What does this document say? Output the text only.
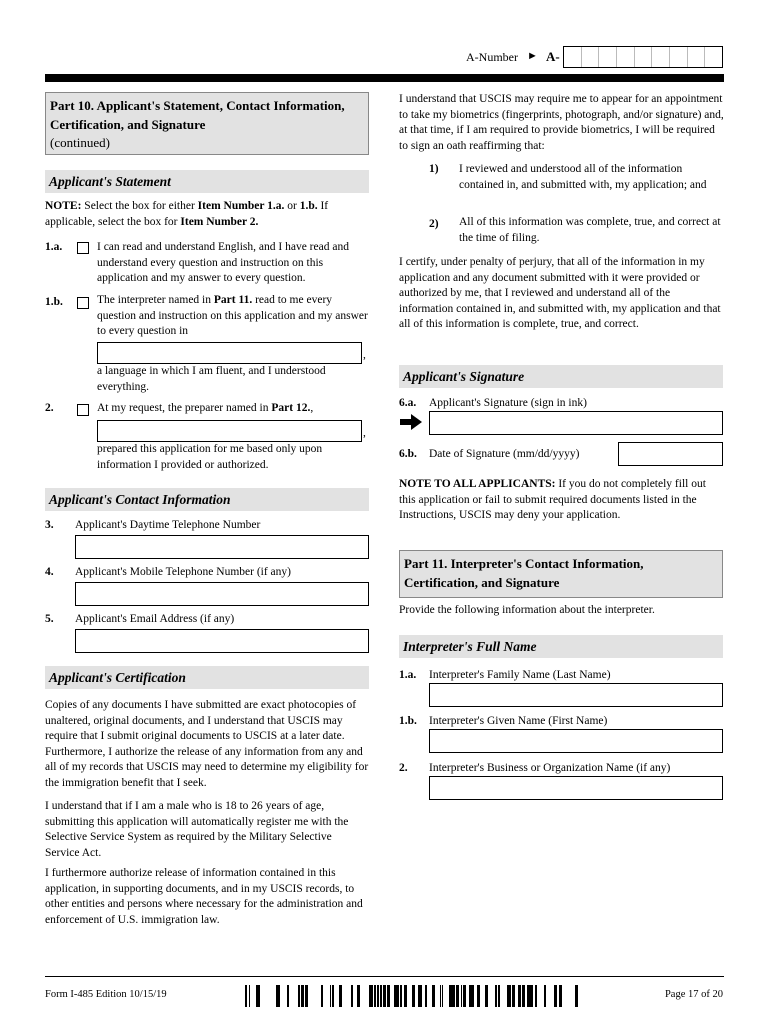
A-Number ► A-
Part 10. Applicant's Statement, Contact Information, Certification, and Signature
(continued)
Applicant's Statement
NOTE: Select the box for either Item Number 1.a. or 1.b. If applicable, select the box for Item Number 2.
1.a.	I can read and understand English, and I have read and understand every question and instruction on this application and my answer to every question.
1.b.	The interpreter named in Part 11. read to me every question and instruction on this application and my answer to every question in
,
a language in which I am fluent, and I understood everything.
2.	At my request, the preparer named in Part 12.,
,
prepared this application for me based only upon information I provided or authorized.
Applicant's Contact Information
3. Applicant's Daytime Telephone Number
4. Applicant's Mobile Telephone Number (if any)
5. Applicant's Email Address (if any)
Applicant's Certification
Copies of any documents I have submitted are exact photocopies of unaltered, original documents, and I understand that USCIS may require that I submit original documents to USCIS at a later date. Furthermore, I authorize the release of any information from any and all of my records that USCIS may need to determine my eligibility for the immigration benefit that I seek.
I understand that if I am a male who is 18 to 26 years of age, submitting this application will automatically register me with the Selective Service System as required by the Military Selective Service Act.
I furthermore authorize release of information contained in this application, in supporting documents, and in my USCIS records, to other entities and persons where necessary for the administration and enforcement of U.S. immigration law.
I understand that USCIS may require me to appear for an appointment to take my biometrics (fingerprints, photograph, and/or signature) and, at that time, if I am required to provide biometrics, I will be required to sign an oath reaffirming that:
1) I reviewed and understood all of the information contained in, and submitted with, my application; and
2) All of this information was complete, true, and correct at the time of filing.
I certify, under penalty of perjury, that all of the information in my application and any document submitted with it were provided or authorized by me, that I reviewed and understand all of the information contained in, and submitted with, my application and that all of this information is complete, true, and correct.
Applicant's Signature
6.a. Applicant's Signature (sign in ink)
6.b. Date of Signature (mm/dd/yyyy)
NOTE TO ALL APPLICANTS: If you do not completely fill out this application or fail to submit required documents listed in the Instructions, USCIS may deny your application.
Part 11. Interpreter's Contact Information, Certification, and Signature
Provide the following information about the interpreter.
Interpreter's Full Name
1.a. Interpreter's Family Name (Last Name)
1.b. Interpreter's Given Name (First Name)
2. Interpreter's Business or Organization Name (if any)
Form I-485 Edition 10/15/19	Page 17 of 20
